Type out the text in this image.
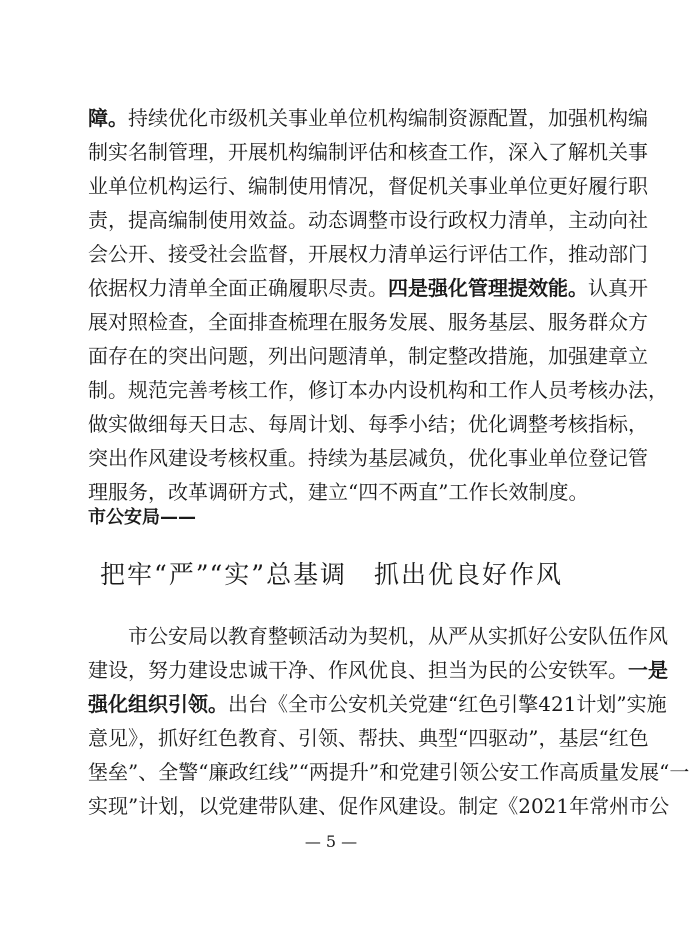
障。持续优化市级机关事业单位机构编制资源配置，加强机构编
制实名制管理，开展机构编制评估和核查工作，深入了解机关事
业单位机构运行、编制使用情况，督促机关事业单位更好履行职
责，提高编制使用效益。动态调整市设行政权力清单，主动向社
会公开、接受社会监督，开展权力清单运行评估工作，推动部门
依据权力清单全面正确履职尽责。四是强化管理提效能。认真开
展对照检查，全面排查梳理在服务发展、服务基层、服务群众方
面存在的突出问题，列出问题清单，制定整改措施，加强建章立
制。规范完善考核工作，修订本办内设机构和工作人员考核办法，
做实做细每天日志、每周计划、每季小结；优化调整考核指标，
突出作风建设考核权重。持续为基层减负，优化事业单位登记管
理服务，改革调研方式，建立“四不两直”工作长效制度。
市公安局——
把牢“严”“实”总基调　抓出优良好作风
市公安局以教育整顿活动为契机，从严从实抓好公安队伍作风
建设，努力建设忠诚干净、作风优良、担当为民的公安铁军。一是
强化组织引领。出台《全市公安机关党建“红色引擎421计划”实施
意见》，抓好红色教育、引领、帮扶、典型“四驱动”，基层“红色
堡垒”、全警“廉政红线”“两提升”和党建引领公安工作高质量发展“一
实现”计划，以党建带队建、促作风建设。制定《2021年常州市公
— 5 —
